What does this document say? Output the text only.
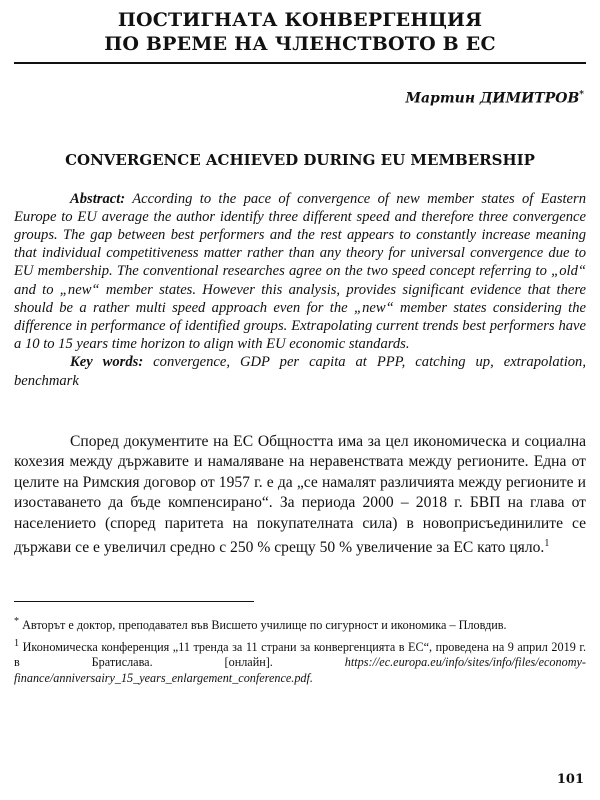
ПОСТИГНАТА КОНВЕРГЕНЦИЯ
ПО ВРЕМЕ НА ЧЛЕНСТВОТО В ЕС
Мартин ДИМИТРОВ*
CONVERGENCE ACHIEVED DURING EU MEMBERSHIP

Abstract: According to the pace of convergence of new member states of Eastern Europe to EU average the author identify three different speed and therefore three convergence groups. The gap between best performers and the rest appears to constantly increase meaning that individual competitiveness matter rather than any theory for universal convergence due to EU membership. The conventional researches agree on the two speed concept referring to „old“ and to „new“ member states. However this analysis, provides significant evidence that there should be a rather multi speed approach even for the „new“ member states considering the difference in performance of identified groups. Extrapolating current trends best performers have a 10 to 15 years time horizon to align with EU economic standards.

Key words: convergence, GDP per capita at PPP, catching up, extrapolation, benchmark

Според документите на ЕС Общността има за цел икономическа и социална кохезия между държавите и намаляване на неравенствата между регионите. Една от целите на Римския договор от 1957 г. е да „се намалят различията между регионите и изоставането да бъде компенсирано“. За периода 2000 – 2018 г. БВП на глава от населението (според паритета на покупателната сила) в новоприсъединилите се държави се е увеличил средно с 250 % срещу 50 % увеличение за ЕС като цяло.$^1$

* Авторът е доктор, преподавател във Висшето училище по сигурност и икономика – Пловдив.

$^1$ Икономическа конференция „11 тренда за 11 страни за конвергенцията в ЕС“, проведена на 9 април 2019 г. в Братислава. [онлайн].	https://ec.europa.eu/info/sites/info/files/economy-finance/anniversairy_15_years_enlargement_conference.pdf.

101
